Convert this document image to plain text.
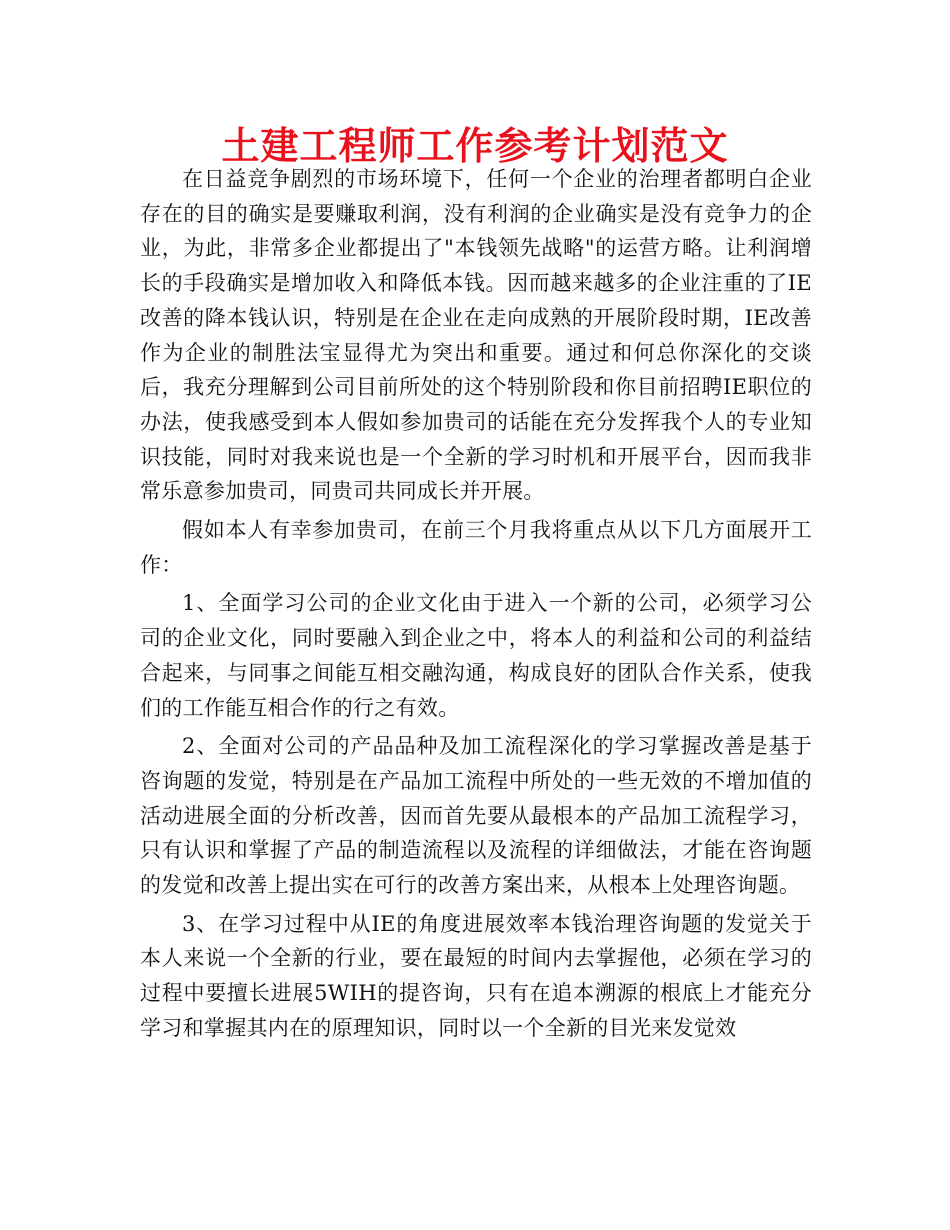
土建工程师工作参考计划范文

在日益竞争剧烈的市场环境下，任何一个企业的治理者都明白企业存在的目的确实是要赚取利润，没有利润的企业确实是没有竞争力的企业，为此，非常多企业都提出了"本钱领先战略"的运营方略。让利润增长的手段确实是增加收入和降低本钱。因而越来越多的企业注重的了IE改善的降本钱认识，特别是在企业在走向成熟的开展阶段时期，IE改善作为企业的制胜法宝显得尤为突出和重要。通过和何总你深化的交谈后，我充分理解到公司目前所处的这个特别阶段和你目前招聘IE职位的办法，使我感受到本人假如参加贵司的话能在充分发挥我个人的专业知识技能，同时对我来说也是一个全新的学习时机和开展平台，因而我非常乐意参加贵司，同贵司共同成长并开展。

假如本人有幸参加贵司，在前三个月我将重点从以下几方面展开工作：

1、全面学习公司的企业文化由于进入一个新的公司，必须学习公司的企业文化，同时要融入到企业之中，将本人的利益和公司的利益结合起来，与同事之间能互相交融沟通，构成良好的团队合作关系，使我们的工作能互相合作的行之有效。

2、全面对公司的产品品种及加工流程深化的学习掌握改善是基于咨询题的发觉，特别是在产品加工流程中所处的一些无效的不增加值的活动进展全面的分析改善，因而首先要从最根本的产品加工流程学习，只有认识和掌握了产品的制造流程以及流程的详细做法，才能在咨询题的发觉和改善上提出实在可行的改善方案出来，从根本上处理咨询题。

3、在学习过程中从IE的角度进展效率本钱治理咨询题的发觉关于本人来说一个全新的行业，要在最短的时间内去掌握他，必须在学习的过程中要擅长进展5WIH的提咨询，只有在追本溯源的根底上才能充分学习和掌握其内在的原理知识，同时以一个全新的目光来发觉效
